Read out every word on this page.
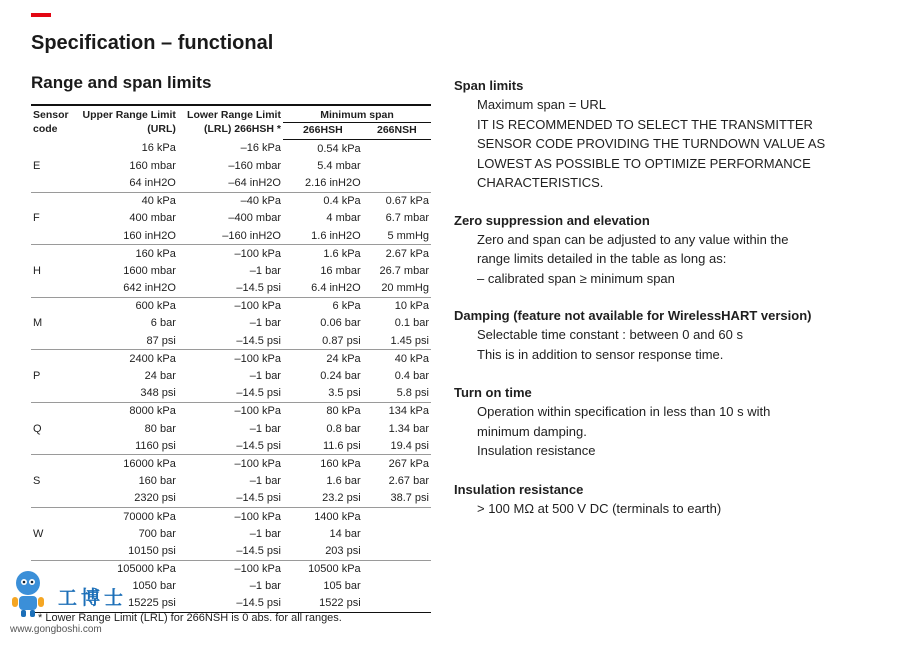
Specification – functional
Range and span limits
Sensor code	Upper Range Limit (URL)	Lower Range Limit (LRL) 266HSH *	Minimum span	
			266HSH	266NSH
	16 kPa	–16 kPa	0.54 kPa	
E	160 mbar	–160 mbar	5.4 mbar	
	64 inH2O	–64 inH2O	2.16 inH2O	
	40 kPa	–40 kPa	0.4 kPa	0.67 kPa
F	400 mbar	–400 mbar	4 mbar	6.7 mbar
	160 inH2O	–160 inH2O	1.6 inH2O	5 mmHg
	160 kPa	–100 kPa	1.6 kPa	2.67 kPa
H	1600 mbar	–1 bar	16 mbar	26.7 mbar
	642 inH2O	–14.5 psi	6.4 inH2O	20 mmHg
	600 kPa	–100 kPa	6 kPa	10 kPa
M	6 bar	–1 bar	0.06 bar	0.1 bar
	87 psi	–14.5 psi	0.87 psi	1.45 psi
	2400 kPa	–100 kPa	24 kPa	40 kPa
P	24 bar	–1 bar	0.24 bar	0.4 bar
	348 psi	–14.5 psi	3.5 psi	5.8 psi
	8000 kPa	–100 kPa	80 kPa	134 kPa
Q	80 bar	–1 bar	0.8 bar	1.34 bar
	1160 psi	–14.5 psi	11.6 psi	19.4 psi
	16000 kPa	–100 kPa	160 kPa	267 kPa
S	160 bar	–1 bar	1.6 bar	2.67 bar
	2320 psi	–14.5 psi	23.2 psi	38.7 psi
	70000 kPa	–100 kPa	1400 kPa	
W	700 bar	–1 bar	14 bar	
	10150 psi	–14.5 psi	203 psi	
	105000 kPa	–100 kPa	10500 kPa	
	1050 bar	–1 bar	105 bar	
	15225 psi	–14.5 psi	1522 psi	

* Lower Range Limit (LRL) for 266NSH is 0 abs. for all ranges.

Span limits

Maximum span = URL

IT IS RECOMMENDED TO SELECT THE TRANSMITTER

SENSOR CODE PROVIDING THE TURNDOWN VALUE AS

LOWEST AS POSSIBLE TO OPTIMIZE PERFORMANCE

CHARACTERISTICS.

Zero suppression and elevation

Zero and span can be adjusted to any value within the

range limits detailed in the table as long as:

– calibrated span ≥ minimum span

Damping (feature not available for WirelessHART version)

Selectable time constant : between 0 and 60 s

This is in addition to sensor response time.

Turn on time

Operation within specification in less than 10 s with

minimum damping.

Insulation resistance

Insulation resistance

> 100 MΩ at 500 V DC (terminals to earth)

工博士

www.gongboshi.com
